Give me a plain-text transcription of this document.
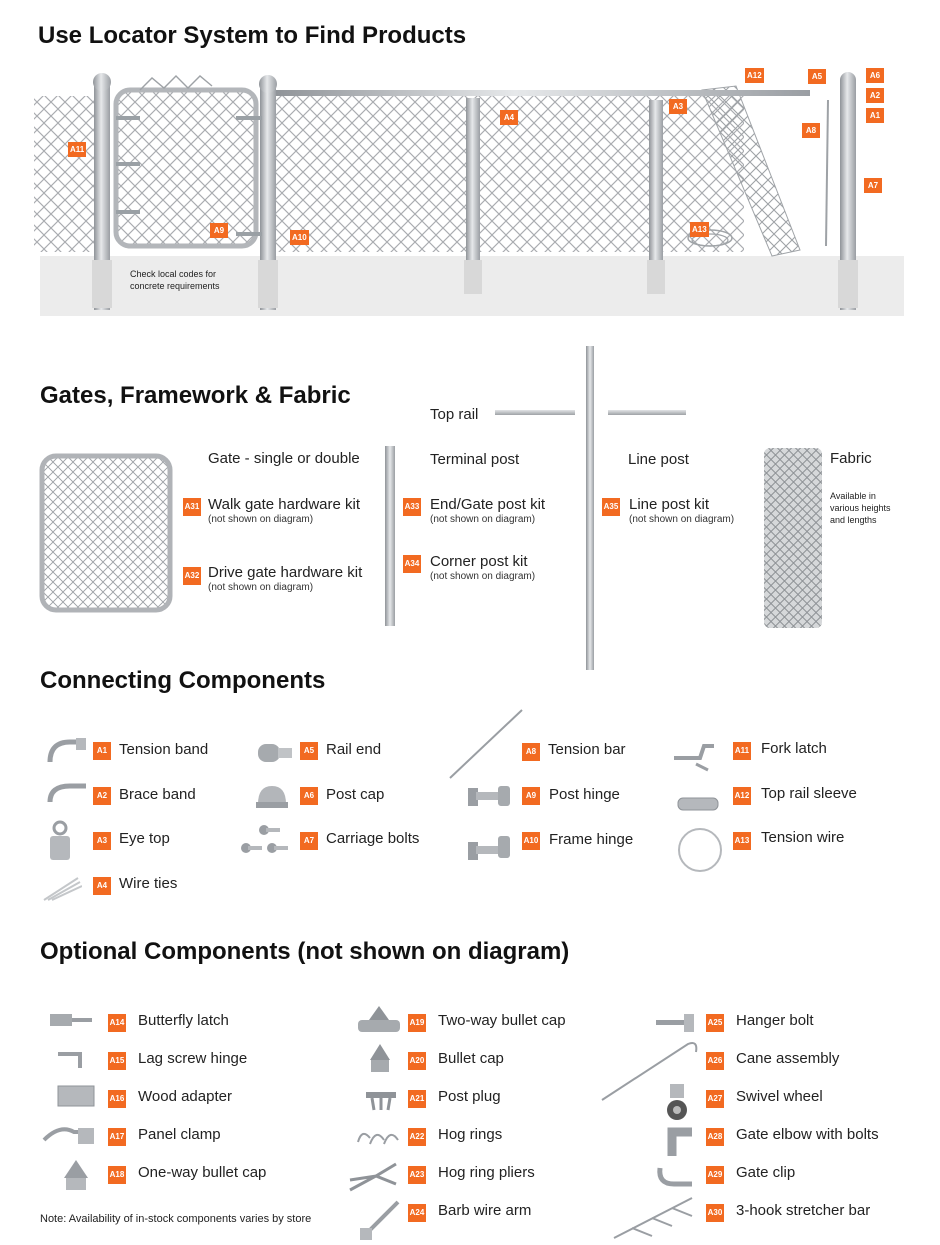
Use Locator System to Find Products
A11
A9
A10
A4
A3
A12	A5	A6
A2
A1
A8
A7
A13
Check local codes for
concrete requirements
Gates, Framework & Fabric
Top rail
Gate - single or double	Terminal post	Line post	Fabric
Available in
various heights
and lengths
A31 Walk gate hardware kit
(not shown on diagram)
A32 Drive gate hardware kit
(not shown on diagram)
A33 End/Gate post kit
(not shown on diagram)
A34 Corner post kit
(not shown on diagram)
A35 Line post kit
(not shown on diagram)
Connecting Components
A1 Tension band
A2 Brace band
A3 Eye top
A4 Wire ties
A5 Rail end
A6 Post cap
A7 Carriage bolts
A8 Tension bar
A9 Post hinge
A10 Frame hinge
A11 Fork latch
A12 Top rail sleeve
A13 Tension wire
Optional Components (not shown on diagram)
A14 Butterfly latch
A15 Lag screw hinge
A16 Wood adapter
A17 Panel clamp
A18 One-way bullet cap
A19 Two-way bullet cap
A20 Bullet cap
A21 Post plug
A22 Hog rings
A23 Hog ring pliers
A24 Barb wire arm
A25 Hanger bolt
A26 Cane assembly
A27 Swivel wheel
A28 Gate elbow with bolts
A29 Gate clip
A30 3-hook stretcher bar
Note: Availability of in-stock components varies by store
